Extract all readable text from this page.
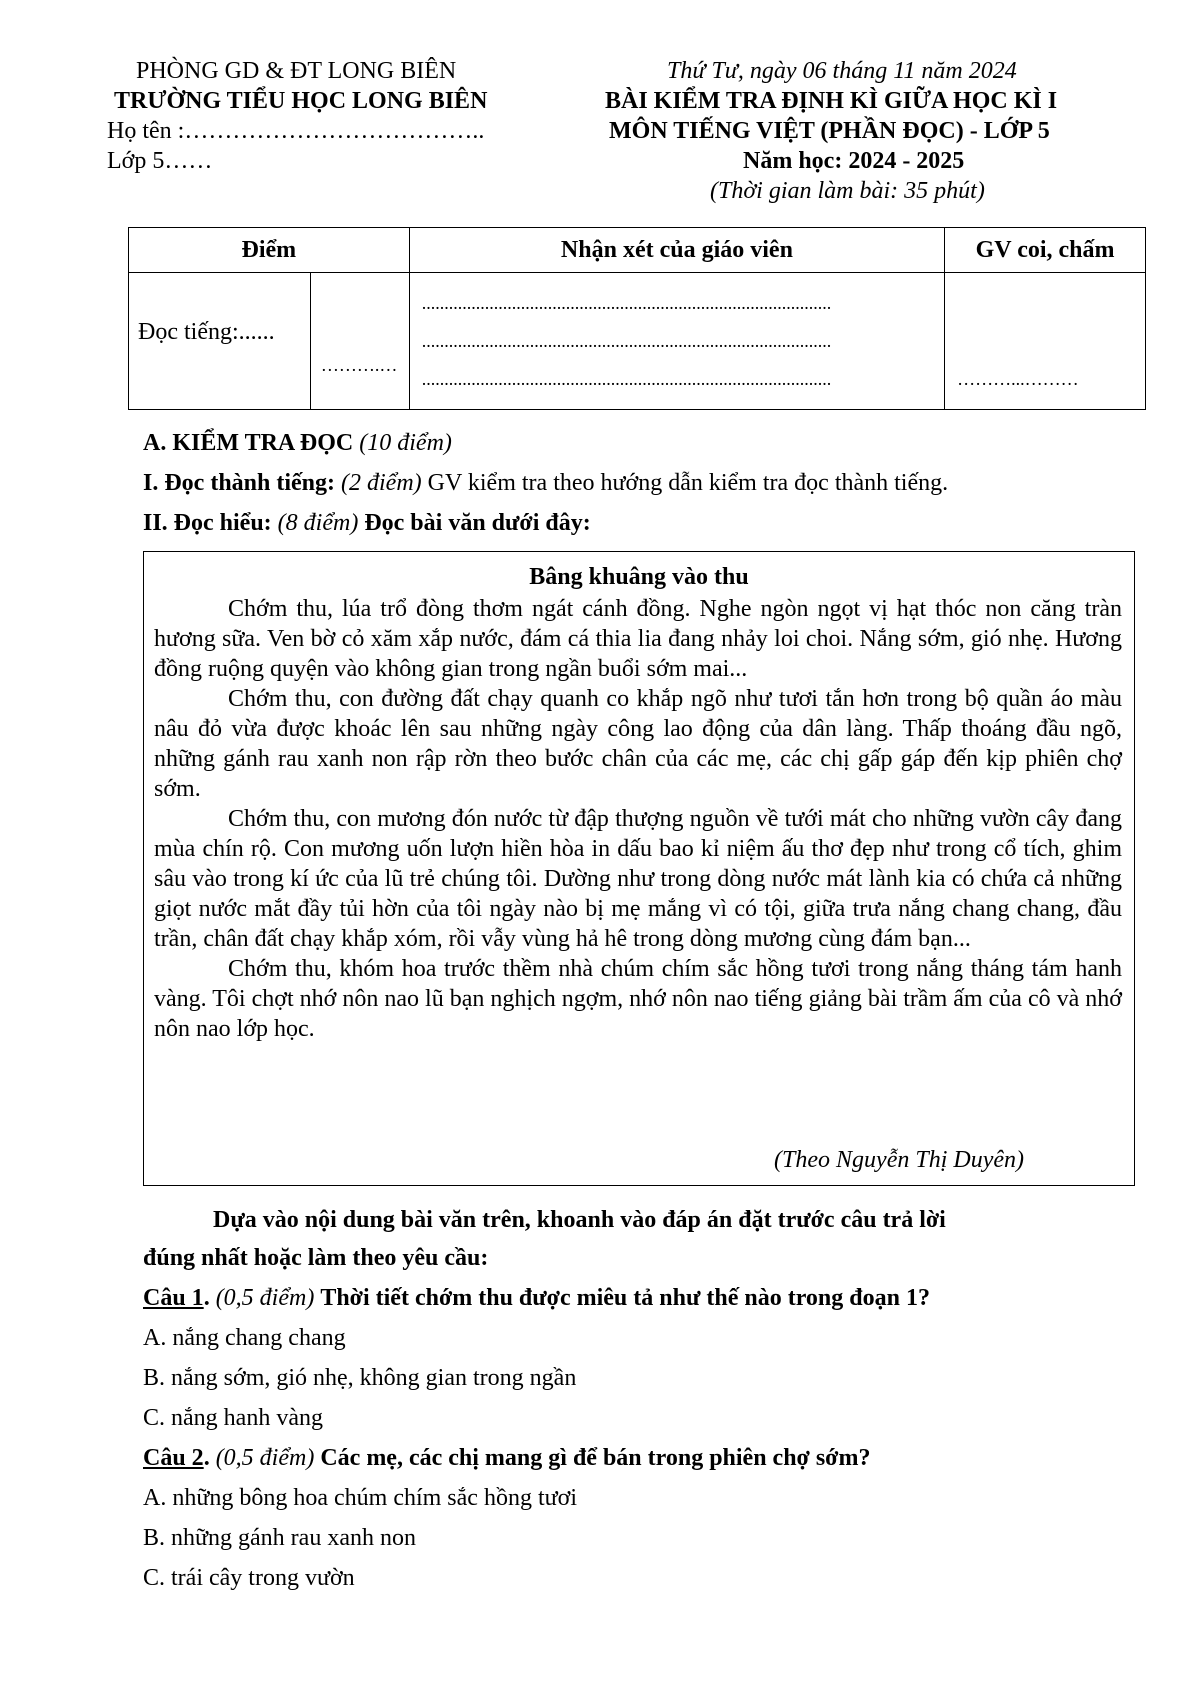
PHÒNG GD & ĐT LONG BIÊN
TRƯỜNG TIỂU HỌC LONG BIÊN
Họ tên :………………………………..
Lớp 5……
Thứ Tư, ngày 06 tháng 11 năm 2024
BÀI KIỂM TRA ĐỊNH KÌ GIỮA HỌC KÌ I
MÔN TIẾNG VIỆT (PHẦN ĐỌC) - LỚP 5
Năm học: 2024 - 2025
(Thời gian làm bài: 35 phút)
Điểm		Nhận xét của giáo viên	GV coi, chấm

Đọc tiếng:......	……….…	...........................................................................................
...........................................................................................
...........................................................................................	………...………
A. KIỂM TRA ĐỌC (10 điểm)
I. Đọc thành tiếng: (2 điểm) GV kiểm tra theo hướng dẫn kiểm tra đọc thành tiếng.
II. Đọc hiểu: (8 điểm) Đọc bài văn dưới đây:
Bâng khuâng vào thu

Chớm thu, lúa trổ đòng thơm ngát cánh đồng. Nghe ngòn ngọt vị hạt thóc non căng tràn hương sữa. Ven bờ cỏ xăm xắp nước, đám cá thia lia đang nhảy loi choi. Nắng sớm, gió nhẹ. Hương đồng ruộng quyện vào không gian trong ngần buổi sớm mai...

Chớm thu, con đường đất chạy quanh co khắp ngõ như tươi tắn hơn trong bộ quần áo màu nâu đỏ vừa được khoác lên sau những ngày công lao động của dân làng. Thấp thoáng đầu ngõ, những gánh rau xanh non rập rờn theo bước chân của các mẹ, các chị gấp gáp đến kịp phiên chợ sớm.

Chớm thu, con mương đón nước từ đập thượng nguồn về tưới mát cho những vườn cây đang mùa chín rộ. Con mương uốn lượn hiền hòa in dấu bao kỉ niệm ấu thơ đẹp như trong cổ tích, ghim sâu vào trong kí ức của lũ trẻ chúng tôi. Dường như trong dòng nước mát lành kia có chứa cả những giọt nước mắt đầy tủi hờn của tôi ngày nào bị mẹ mắng vì có tội, giữa trưa nắng chang chang, đầu trần, chân đất chạy khắp xóm, rồi vẫy vùng hả hê trong dòng mương cùng đám bạn...

Chớm thu, khóm hoa trước thềm nhà chúm chím sắc hồng tươi trong nắng tháng tám hanh vàng. Tôi chợt nhớ nôn nao lũ bạn nghịch ngợm, nhớ nôn nao tiếng giảng bài trầm ấm của cô và nhớ nôn nao lớp học.

(Theo Nguyễn Thị Duyên)
Dựa vào nội dung bài văn trên, khoanh vào đáp án đặt trước câu trả lời
đúng nhất hoặc làm theo yêu cầu:
Câu 1. (0,5 điểm) Thời tiết chớm thu được miêu tả như thế nào trong đoạn 1?
A. nắng chang chang
B. nắng sớm, gió nhẹ, không gian trong ngần
C. nắng hanh vàng
Câu 2. (0,5 điểm) Các mẹ, các chị mang gì để bán trong phiên chợ sớm?
A. những bông hoa chúm chím sắc hồng tươi
B. những gánh rau xanh non
C. trái cây trong vườn
